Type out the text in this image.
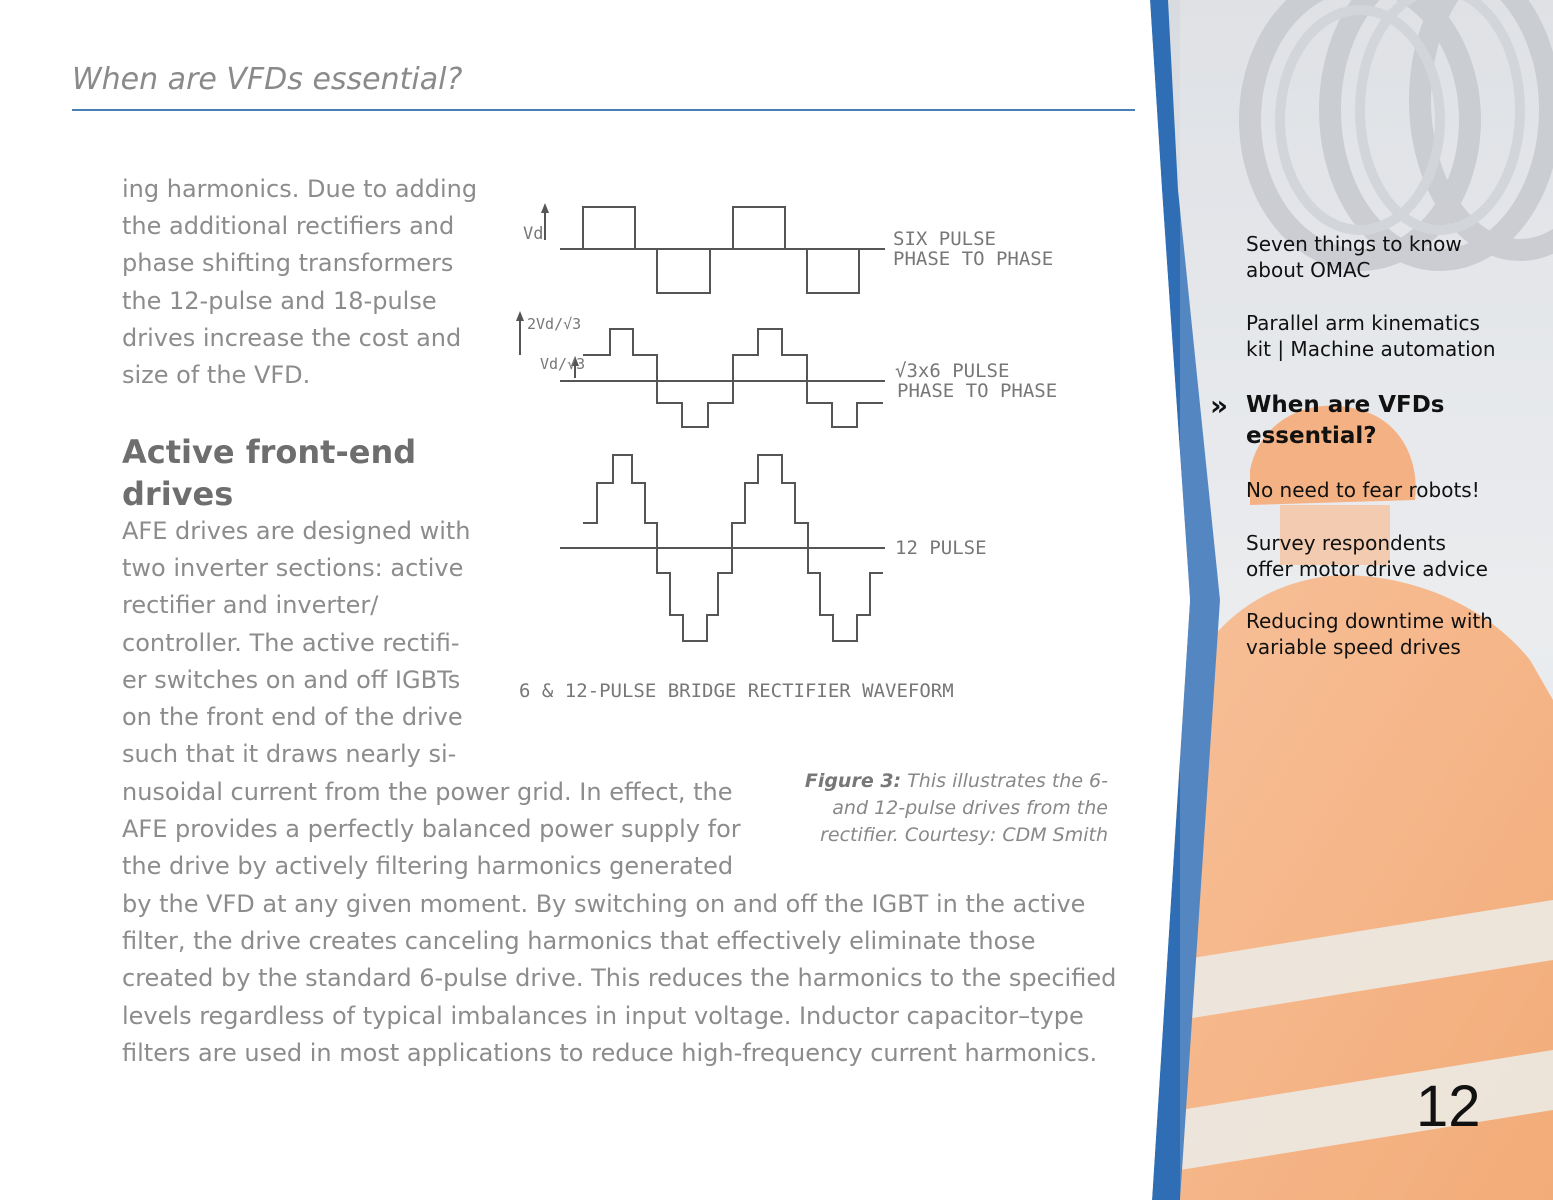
When are VFDs essential?

ing harmonics. Due to adding the additional rectifiers and phase shifting transformers the 12-pulse and 18-pulse drives increase the cost and size of the VFD.

Active front-end drives

AFE drives are designed with two inverter sections: active rectifier and inverter/ controller. The active rectifi-er switches on and off IGBTs on the front end of the drive such that it draws nearly si-

nusoidal current from the power grid. In effect, the AFE provides a perfectly balanced power supply for the drive by actively filtering harmonics generated

by the VFD at any given moment. By switching on and off the IGBT in the active filter, the drive creates canceling harmonics that effectively eliminate those created by the standard 6-pulse drive. This reduces the harmonics to the specified levels regardless of typical imbalances in input voltage. Inductor capacitor–type filters are used in most applications to reduce high-frequency current harmonics.

Vd
2Vd/√3
Vd/√3
SIX PULSE
PHASE TO PHASE
√3x6 PULSE
PHASE TO PHASE
12 PULSE
6 & 12-PULSE BRIDGE RECTIFIER WAVEFORM
Figure 3: This illustrates the 6- and 12-pulse drives from the rectifier. Courtesy: CDM Smith
Seven things to know
about OMAC
Parallel arm kinematics
kit | Machine automation
» When are VFDs
essential?
No need to fear robots!
Survey respondents
offer motor drive advice
Reducing downtime with
variable speed drives
12
